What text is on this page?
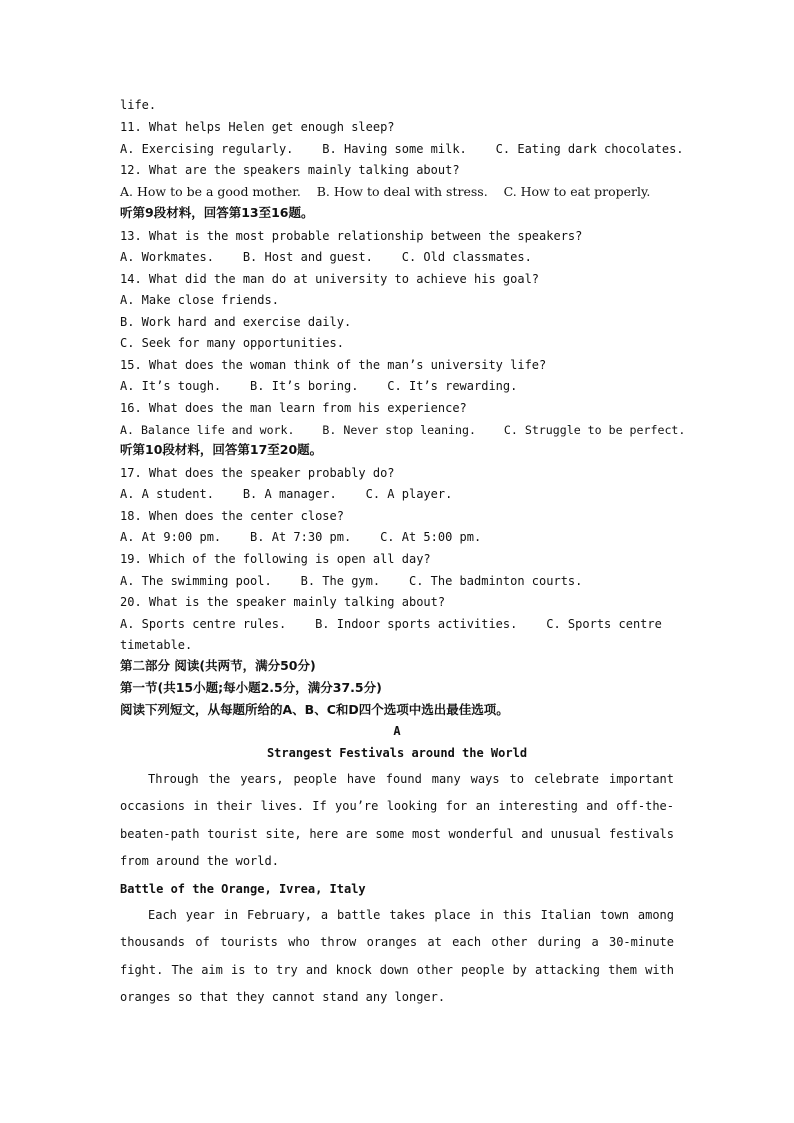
life.
11. What helps Helen get enough sleep?
A. Exercising regularly.    B. Having some milk.    C. Eating dark chocolates.
12. What are the speakers mainly talking about?
A. How to be a good mother.    B. How to deal with stress.    C. How to eat properly.
听第9段材料，回答第13至16题。
13. What is the most probable relationship between the speakers?
A. Workmates.    B. Host and guest.    C. Old classmates.
14. What did the man do at university to achieve his goal?
A. Make close friends.
B. Work hard and exercise daily.
C. Seek for many opportunities.
15. What does the woman think of the man’s university life?
A. It’s tough.    B. It’s boring.    C. It’s rewarding.
16. What does the man learn from his experience?
A. Balance life and work.    B. Never stop leaning.    C. Struggle to be perfect.
听第10段材料，回答第17至20题。
17. What does the speaker probably do?
A. A student.    B. A manager.    C. A player.
18. When does the center close?
A. At 9:00 pm.    B. At 7:30 pm.    C. At 5:00 pm.
19. Which of the following is open all day?
A. The swimming pool.    B. The gym.    C. The badminton courts.
20. What is the speaker mainly talking about?
A. Sports centre rules.    B. Indoor sports activities.    C. Sports centre
timetable.
第二部分 阅读(共两节，满分50分)
第一节(共15小题;每小题2.5分，满分37.5分)
阅读下列短文，从每题所给的A、B、C和D四个选项中选出最佳选项。
A
Strangest Festivals around the World
Through the years, people have found many ways to celebrate important occasions in their lives. If you’re looking for an interesting and off-the-beaten-path tourist site, here are some most wonderful and unusual festivals from around the world.
Battle of the Orange, Ivrea, Italy
Each year in February, a battle takes place in this Italian town among thousands of tourists who throw oranges at each other during a 30-minute fight. The aim is to try and knock down other people by attacking them with oranges so that they cannot stand any longer.
